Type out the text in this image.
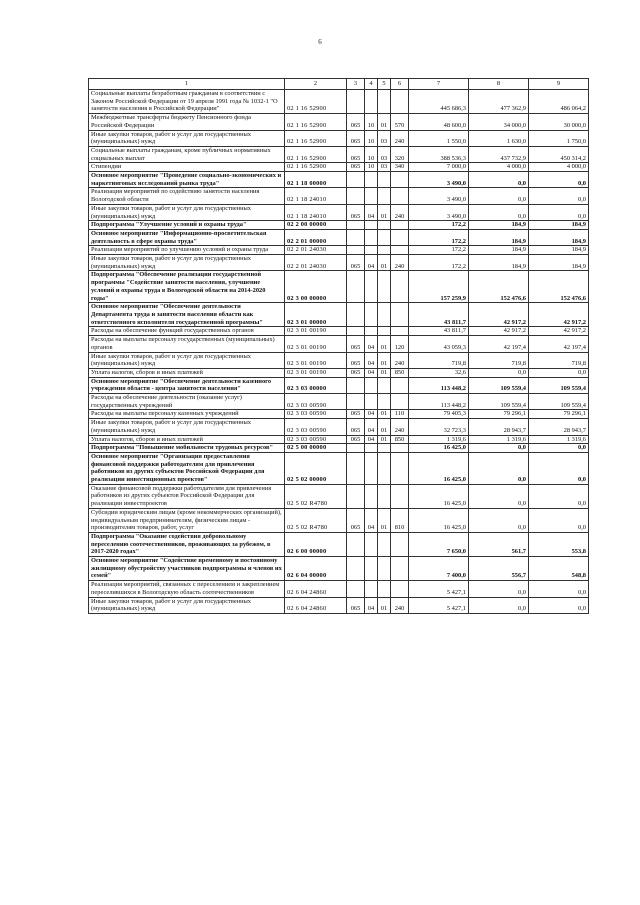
6
1	2	3	4	5	6	7	8	9
Социальные выплаты безработным гражданам в соответствии с Законом Российской Федерации от 19 апреля 1991 года № 1032-1 "О занятости населения в Российской Федерации"	02 1 16 52900					445 686,3	477 362,9	486 064,2
Межбюджетные трансферты бюджету Пенсионного фонда Российской Федерации	02 1 16 52900	065	10	01	570	48 600,0	34 000,0	30 000,0
Иные закупки товаров, работ и услуг для государственных (муниципальных) нужд	02 1 16 52900	065	10	03	240	1 550,0	1 630,0	1 750,0
Социальные выплаты гражданам, кроме публичных нормативных социальных выплат	02 1 16 52900	065	10	03	320	388 536,3	437 732,9	450 314,2
Стипендии	02 1 16 52900	065	10	03	340	7 000,0	4 000,0	4 000,0
Основное мероприятие "Проведение социально-экономических и маркетинговых исследований рынка труда"	02 1 18 00000					3 490,0	0,0	0,0
Реализация мероприятий по содействию занятости населения Вологодской области	02 1 18 24010					3 490,0	0,0	0,0
Иные закупки товаров, работ и услуг для государственных (муниципальных) нужд	02 1 18 24010	065	04	01	240	3 490,0	0,0	0,0
Подпрограмма "Улучшение условий и охраны труда"	02 2 00 00000					172,2	184,9	184,9
Основное мероприятие "Информационно-просветительская деятельность в сфере охраны труда"	02 2 01 00000					172,2	184,9	184,9
Реализация мероприятий по улучшению условий и охраны труда	02 2 01 24030					172,2	184,9	184,9
Иные закупки товаров, работ и услуг для государственных (муниципальных) нужд	02 2 01 24030	065	04	01	240	172,2	184,9	184,9
Подпрограмма "Обеспечение реализации государственной программы "Содействие занятости населения, улучшение условий и охраны труда в Вологодской области на 2014-2020 годы"	02 3 00 00000					157 259,9	152 476,6	152 476,6
Основное мероприятие "Обеспечение деятельности Департамента труда и занятости населения области как ответственного исполнителя государственной программы"	02 3 01 00000					43 811,7	42 917,2	42 917,2
Расходы на обеспечение функций государственных органов	02 3 01 00190					43 811,7	42 917,2	42 917,2
Расходы на выплаты персоналу государственных (муниципальных) органов	02 3 01 00190	065	04	01	120	43 059,3	42 197,4	42 197,4
Иные закупки товаров, работ и услуг для государственных (муниципальных) нужд	02 3 01 00190	065	04	01	240	719,8	719,8	719,8
Уплата налогов, сборов и иных платежей	02 3 01 00190	065	04	01	850	32,6	0,0	0,0
Основное мероприятие "Обеспечение деятельности казенного учреждения области - центра занятости населения"	02 3 03 00000					113 448,2	109 559,4	109 559,4
Расходы на обеспечение деятельности (оказание услуг) государственных учреждений	02 3 03 00590					113 448,2	109 559,4	109 559,4
Расходы на выплаты персоналу казенных учреждений	02 3 03 00590	065	04	01	110	79 405,3	79 296,1	79 296,1
Иные закупки товаров, работ и услуг для государственных (муниципальных) нужд	02 3 03 00590	065	04	01	240	32 723,3	28 943,7	28 943,7
Уплата налогов, сборов и иных платежей	02 3 03 00590	065	04	01	850	1 319,6	1 319,6	1 319,6
Подпрограмма "Повышение мобильности трудовых ресурсов"	02 5 00 00000					16 425,0	0,0	0,0
Основное мероприятие "Организация предоставления финансовой поддержки работодателям для привлечения работников из других субъектов Российской Федерации для реализации инвестиционных проектов"	02 5 02 00000					16 425,0	0,0	0,0
Оказание финансовой поддержки работодателям для привлечения работников из других субъектов Российской Федерации для реализации инвестпроектов	02 5 02 R4780					16 425,0	0,0	0,0
Субсидии юридическим лицам (кроме некоммерческих организаций), индивидуальным предпринимателям, физическим лицам - производителям товаров, работ, услуг	02 5 02 R4780	065	04	01	810	16 425,0	0,0	0,0
Подпрограмма "Оказание содействия добровольному переселению соотечественников, проживающих за рубежом, в 2017-2020 годах"	02 6 00 00000					7 650,0	561,7	553,8
Основное мероприятие "Содействие временному и постоянному жилищному обустройству участников подпрограммы и членов их семей"	02 6 04 00000					7 400,0	556,7	548,8
Реализация мероприятий, связанных с переселением и закреплением переселившихся в Вологодскую область соотечественников	02 6 04 24860					5 427,1	0,0	0,0
Иные закупки товаров, работ и услуг для государственных (муниципальных) нужд	02 6 04 24860	065	04	01	240	5 427,1	0,0	0,0
